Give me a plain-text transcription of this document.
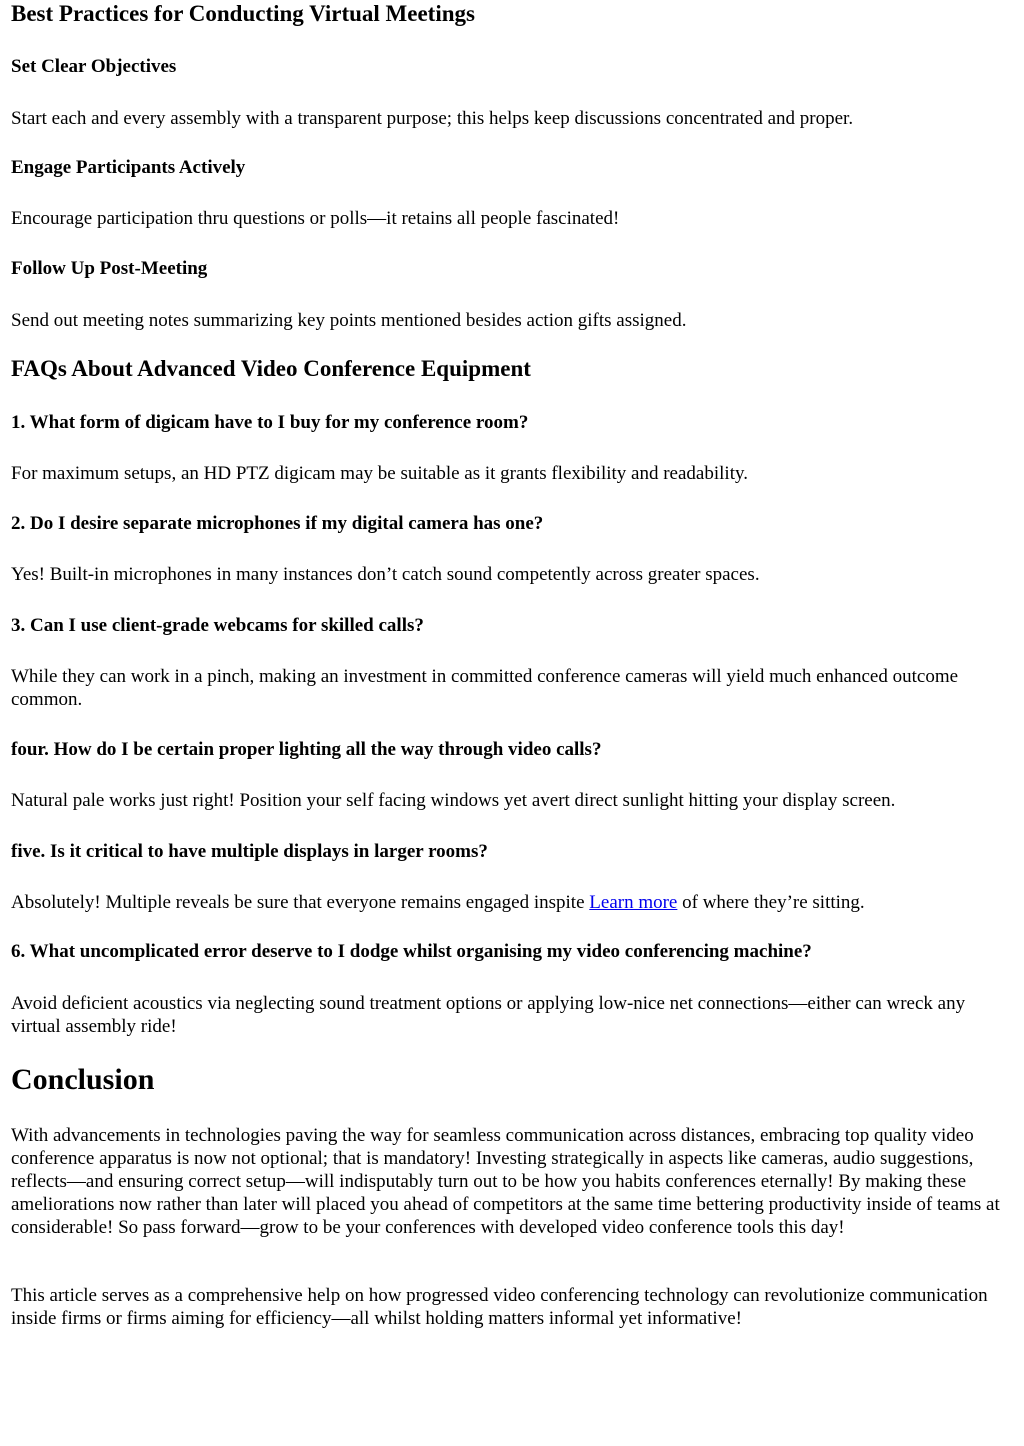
Best Practices for Conducting Virtual Meetings
Set Clear Objectives
Start each and every assembly with a transparent purpose; this helps keep discussions concentrated and proper.
Engage Participants Actively
Encourage participation thru questions or polls—it retains all people fascinated!
Follow Up Post-Meeting
Send out meeting notes summarizing key points mentioned besides action gifts assigned.
FAQs About Advanced Video Conference Equipment
1. What form of digicam have to I buy for my conference room?
For maximum setups, an HD PTZ digicam may be suitable as it grants flexibility and readability.
2. Do I desire separate microphones if my digital camera has one?
Yes! Built-in microphones in many instances don’t catch sound competently across greater spaces.
3. Can I use client-grade webcams for skilled calls?
While they can work in a pinch, making an investment in committed conference cameras will yield much enhanced outcome common.
four. How do I be certain proper lighting all the way through video calls?
Natural pale works just right! Position your self facing windows yet avert direct sunlight hitting your display screen.
five. Is it critical to have multiple displays in larger rooms?
Absolutely! Multiple reveals be sure that everyone remains engaged inspite Learn more of where they’re sitting.
6. What uncomplicated error deserve to I dodge whilst organising my video conferencing machine?
Avoid deficient acoustics via neglecting sound treatment options or applying low-nice net connections—either can wreck any virtual assembly ride!
Conclusion
With advancements in technologies paving the way for seamless communication across distances, embracing top quality video conference apparatus is now not optional; that is mandatory! Investing strategically in aspects like cameras, audio suggestions, reflects—and ensuring correct setup—will indisputably turn out to be how you habits conferences eternally! By making these ameliorations now rather than later will placed you ahead of competitors at the same time bettering productivity inside of teams at considerable! So pass forward—grow to be your conferences with developed video conference tools this day!
This article serves as a comprehensive help on how progressed video conferencing technology can revolutionize communication inside firms or firms aiming for efficiency—all whilst holding matters informal yet informative!
